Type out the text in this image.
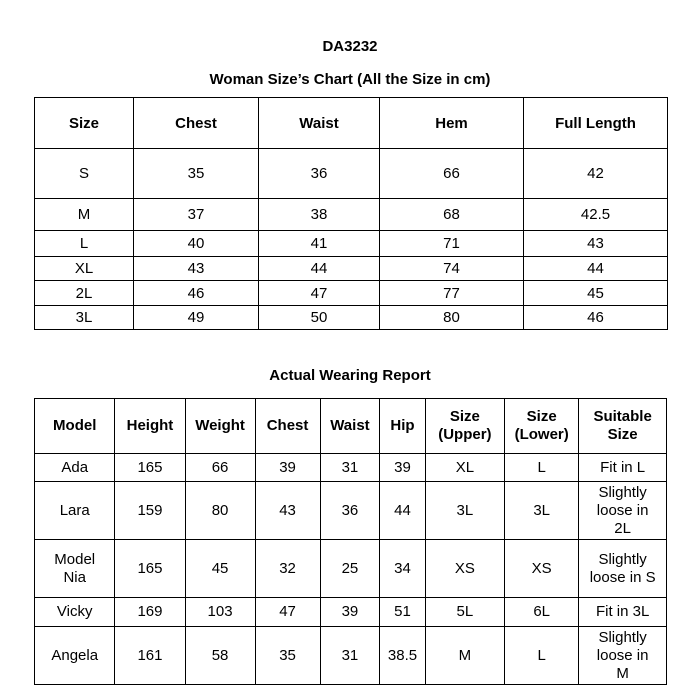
DA3232
Woman Size’s Chart (All the Size in cm)
Size	Chest	Waist	Hem	Full Length
S	35	36	66	42
M	37	38	68	42.5
L	40	41	71	43
XL	43	44	74	44
2L	46	47	77	45
3L	49	50	80	46
Actual Wearing Report
Model	Height	Weight	Chest	Waist	Hip	Size (Upper)	Size (Lower)	Suitable Size
Ada	165	66	39	31	39	XL	L	Fit in L
Lara	159	80	43	36	44	3L	3L	Slightly loose in 2L
Model Nia	165	45	32	25	34	XS	XS	Slightly loose in S
Vicky	169	103	47	39	51	5L	6L	Fit in 3L
Angela	161	58	35	31	38.5	M	L	Slightly loose in M
